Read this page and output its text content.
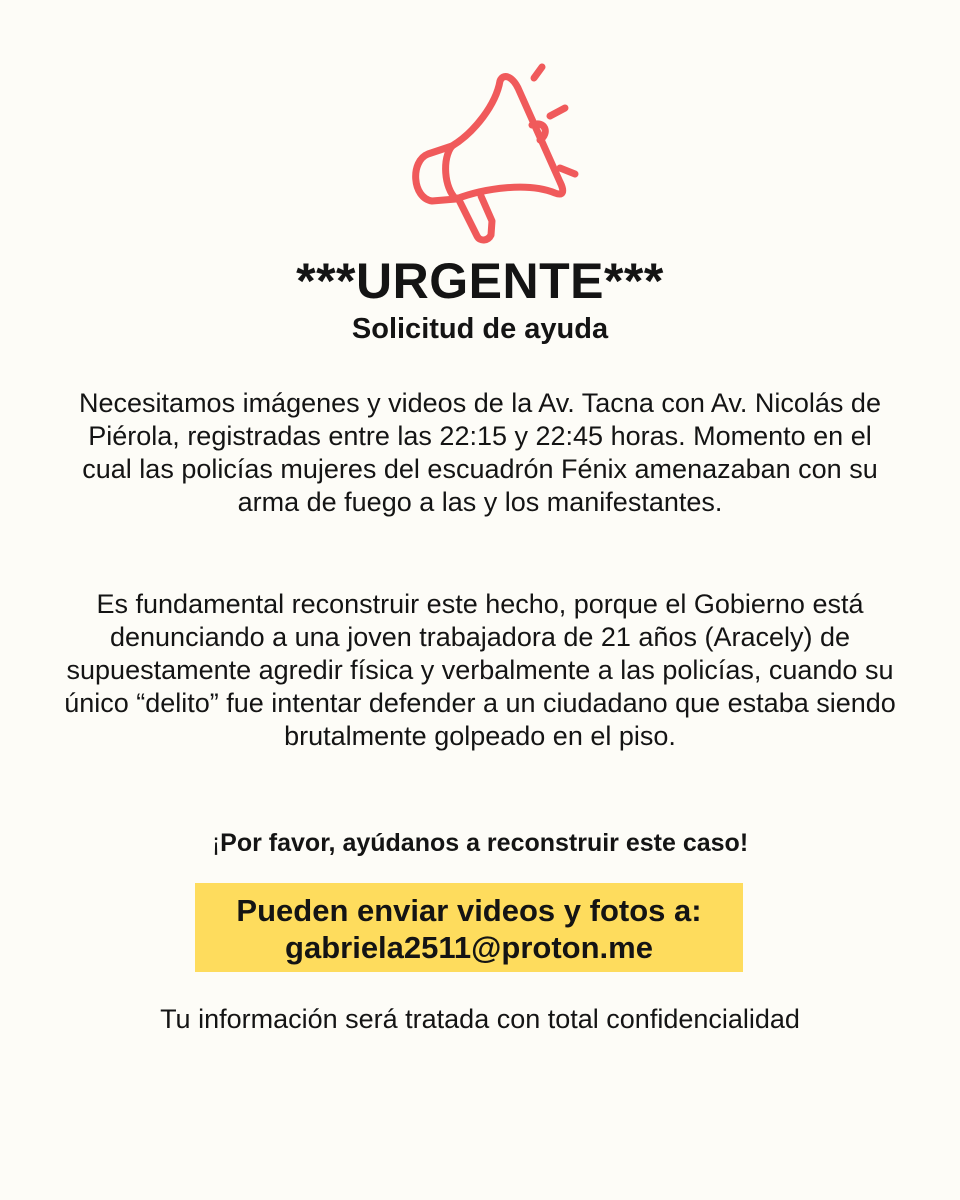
***URGENTE***
Solicitud de ayuda

Necesitamos imágenes y videos de la Av. Tacna con Av. Nicolás de Piérola, registradas entre las 22:15 y 22:45 horas. Momento en el cual las policías mujeres del escuadrón Fénix amenazaban con su arma de fuego a las y los manifestantes.

Es fundamental reconstruir este hecho, porque el Gobierno está denunciando a una joven trabajadora de 21 años (Aracely) de supuestamente agredir física y verbalmente a las policías, cuando su único “delito” fue intentar defender a un ciudadano que estaba siendo brutalmente golpeado en el piso.

¡Por favor, ayúdanos a reconstruir este caso!

Pueden enviar videos y fotos a:
gabriela2511@proton.me

Tu información será tratada con total confidencialidad
